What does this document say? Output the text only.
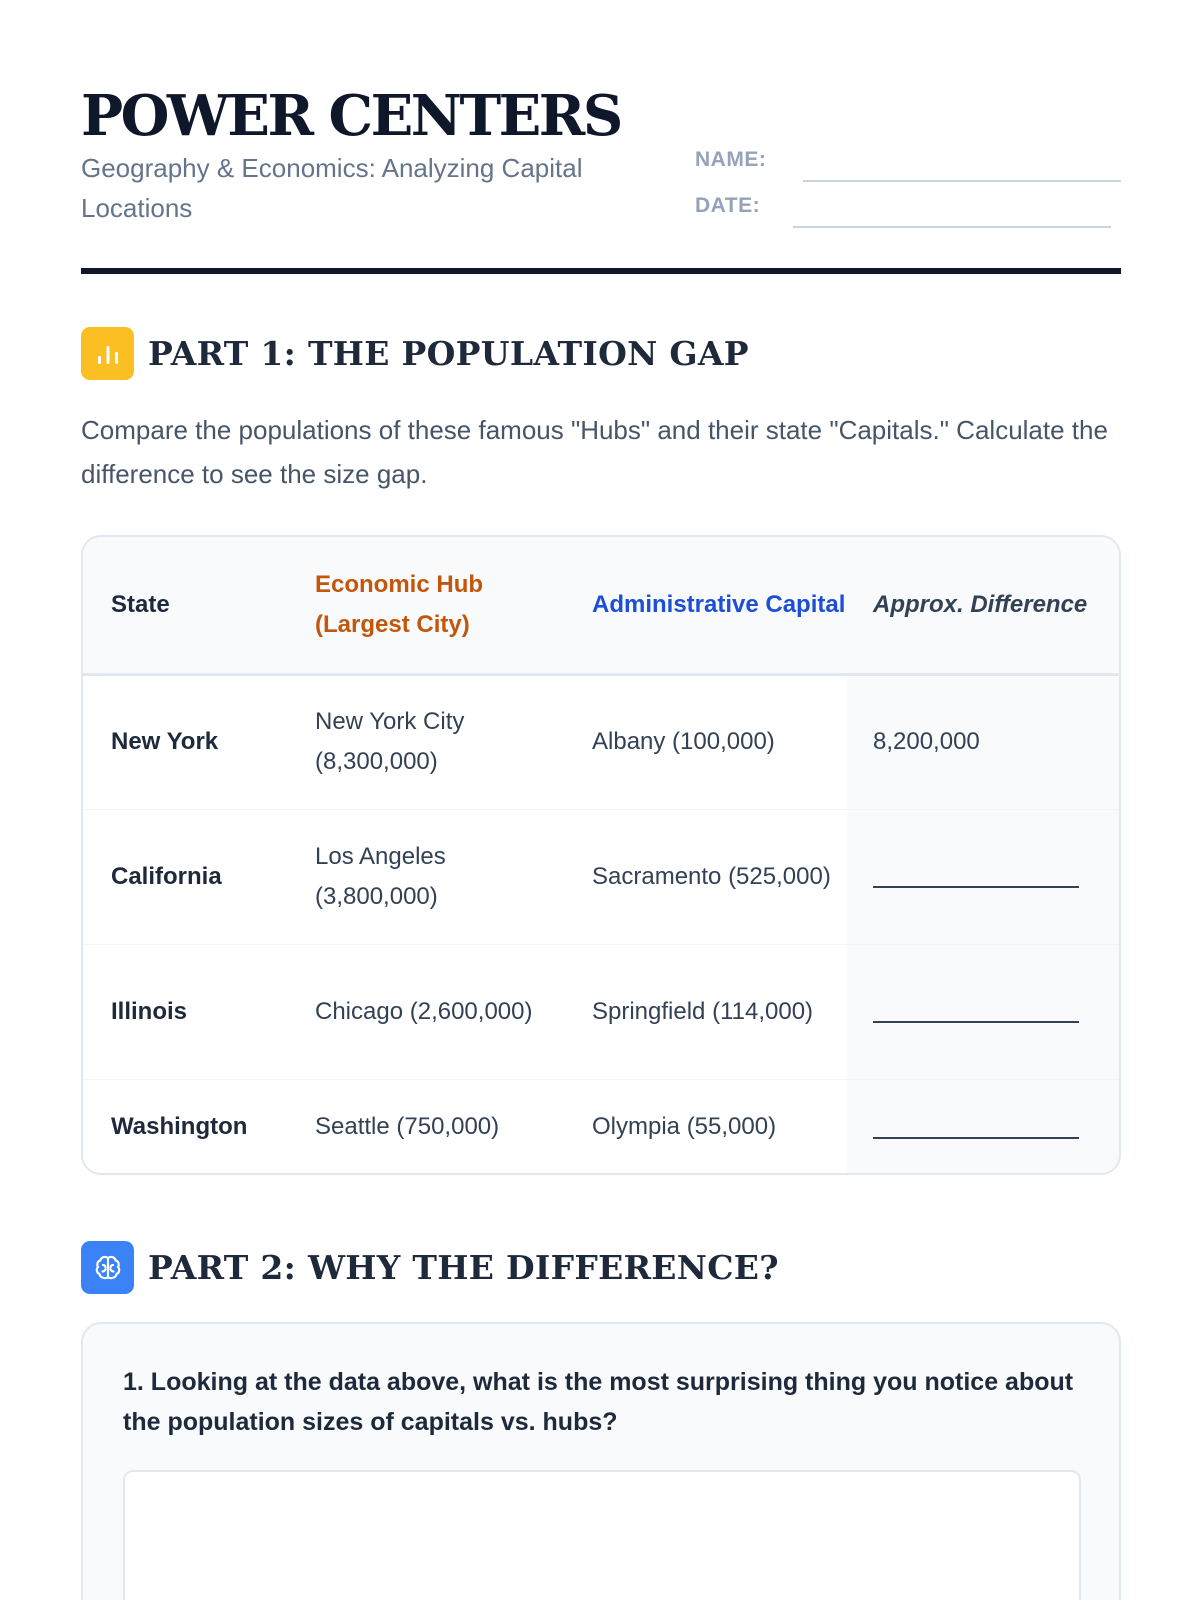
POWER CENTERS
Geography & Economics: Analyzing Capital Locations
NAME:
DATE:
PART 1: THE POPULATION GAP

Compare the populations of these famous "Hubs" and their state "Capitals." Calculate the difference to see the size gap.

State	Economic Hub (Largest City)	Administrative Capital	Approx. Difference
New York	New York City (8,300,000)	Albany (100,000)	8,200,000
California	Los Angeles (3,800,000)	Sacramento (525,000)	
Illinois	Chicago (2,600,000)	Springfield (114,000)	
Washington	Seattle (750,000)	Olympia (55,000)	
PART 2: WHY THE DIFFERENCE?
1. Looking at the data above, what is the most surprising thing you notice about the population sizes of capitals vs. hubs?
